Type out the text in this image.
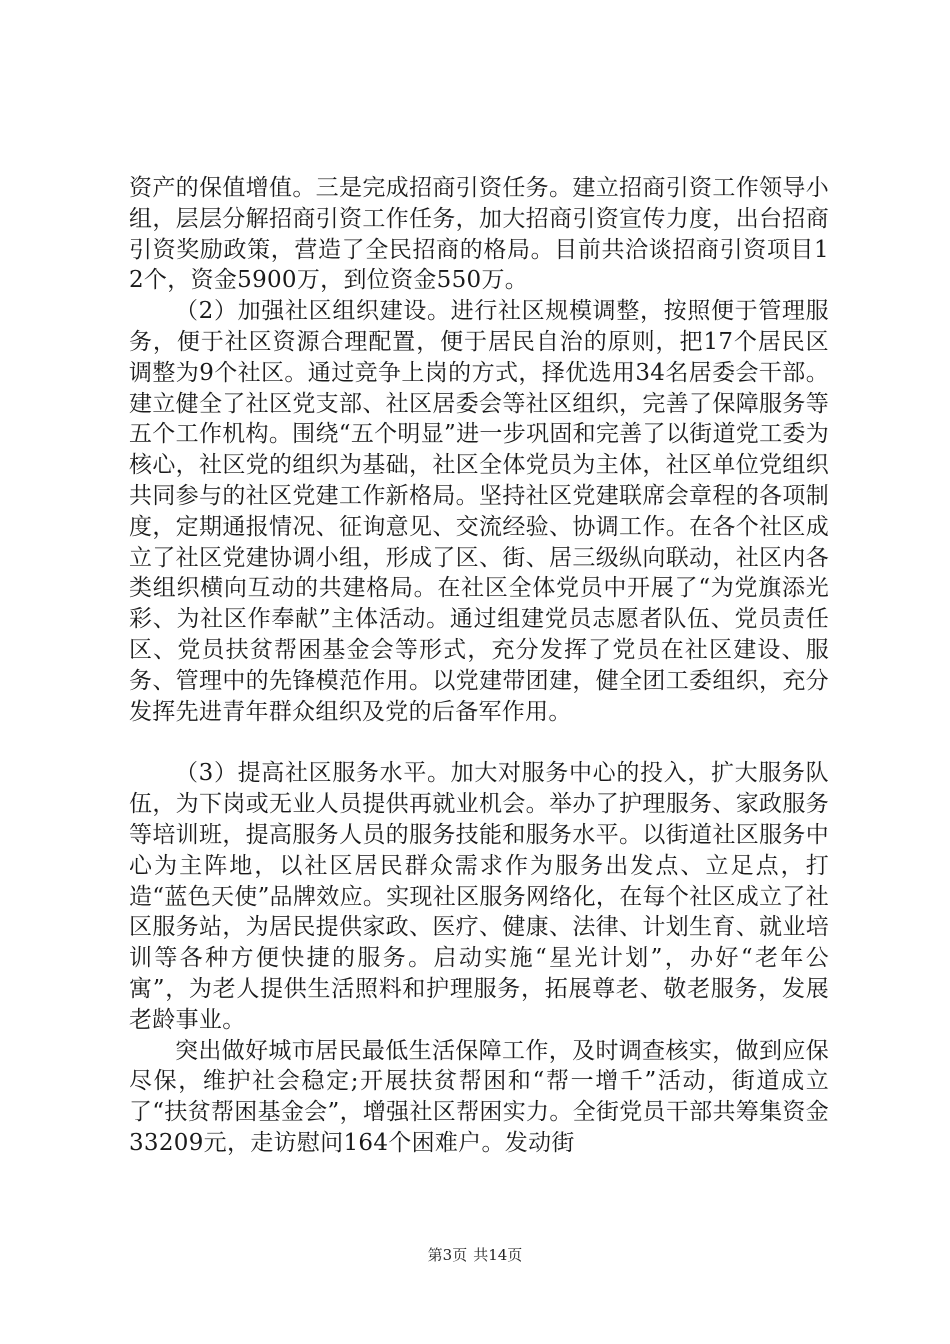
资产的保值增值。三是完成招商引资任务。建立招商引资工作领导小组，层层分解招商引资工作任务，加大招商引资宣传力度，出台招商引资奖励政策，营造了全民招商的格局。目前共洽谈招商引资项目12个，资金5900万，到位资金550万。

（2）加强社区组织建设。进行社区规模调整，按照便于管理服务，便于社区资源合理配置，便于居民自治的原则，把17个居民区调整为9个社区。通过竞争上岗的方式，择优选用34名居委会干部。建立健全了社区党支部、社区居委会等社区组织，完善了保障服务等五个工作机构。围绕“五个明显”进一步巩固和完善了以街道党工委为核心，社区党的组织为基础，社区全体党员为主体，社区单位党组织共同参与的社区党建工作新格局。坚持社区党建联席会章程的各项制度，定期通报情况、征询意见、交流经验、协调工作。在各个社区成立了社区党建协调小组，形成了区、街、居三级纵向联动，社区内各类组织横向互动的共建格局。在社区全体党员中开展了“为党旗添光彩、为社区作奉献”主体活动。通过组建党员志愿者队伍、党员责任区、党员扶贫帮困基金会等形式，充分发挥了党员在社区建设、服务、管理中的先锋模范作用。以党建带团建，健全团工委组织，充分发挥先进青年群众组织及党的后备军作用。

（3）提高社区服务水平。加大对服务中心的投入，扩大服务队伍，为下岗或无业人员提供再就业机会。举办了护理服务、家政服务等培训班，提高服务人员的服务技能和服务水平。以街道社区服务中心为主阵地，以社区居民群众需求作为服务出发点、立足点，打造“蓝色天使”品牌效应。实现社区服务网络化，在每个社区成立了社区服务站，为居民提供家政、医疗、健康、法律、计划生育、就业培训等各种方便快捷的服务。启动实施“星光计划”，办好“老年公寓”，为老人提供生活照料和护理服务，拓展尊老、敬老服务，发展老龄事业。

突出做好城市居民最低生活保障工作，及时调查核实，做到应保尽保，维护社会稳定;开展扶贫帮困和“帮一增千”活动，街道成立了“扶贫帮困基金会”，增强社区帮困实力。全街党员干部共筹集资金33209元，走访慰问164个困难户。发动街

第3页 共14页
